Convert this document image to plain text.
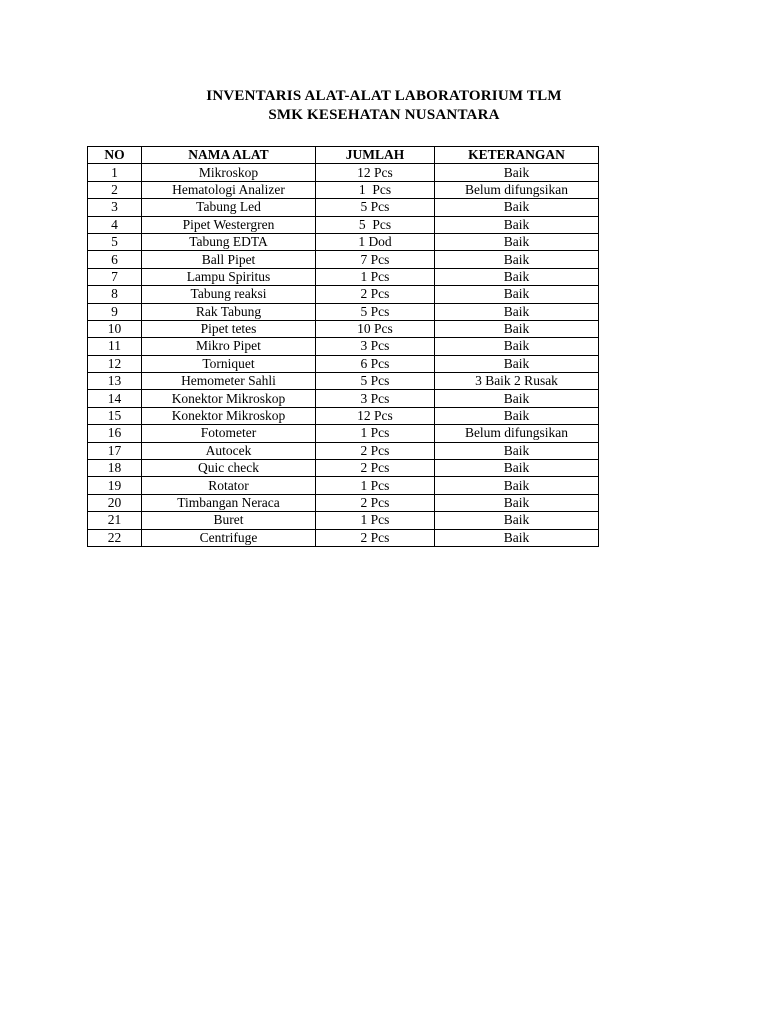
INVENTARIS ALAT-ALAT LABORATORIUM TLM
SMK KESEHATAN NUSANTARA
NO	NAMA ALAT	JUMLAH	KETERANGAN
1	Mikroskop	12 Pcs	Baik
2	Hematologi Analizer	1  Pcs	Belum difungsikan
3	Tabung Led	5 Pcs	Baik
4	Pipet Westergren	5  Pcs	Baik
5	Tabung EDTA	1 Dod	Baik
6	Ball Pipet	7 Pcs	Baik
7	Lampu Spiritus	1 Pcs	Baik
8	Tabung reaksi	2 Pcs	Baik
9	Rak Tabung	5 Pcs	Baik
10	Pipet tetes	10 Pcs	Baik
11	Mikro Pipet	3 Pcs	Baik
12	Torniquet	6 Pcs	Baik
13	Hemometer Sahli	5 Pcs	3 Baik 2 Rusak
14	Konektor Mikroskop	3 Pcs	Baik
15	Konektor Mikroskop	12 Pcs	Baik
16	Fotometer	1 Pcs	Belum difungsikan
17	Autocek	2 Pcs	Baik
18	Quic check	2 Pcs	Baik
19	Rotator	1 Pcs	Baik
20	Timbangan Neraca	2 Pcs	Baik
21	Buret	1 Pcs	Baik
22	Centrifuge	2 Pcs	Baik
